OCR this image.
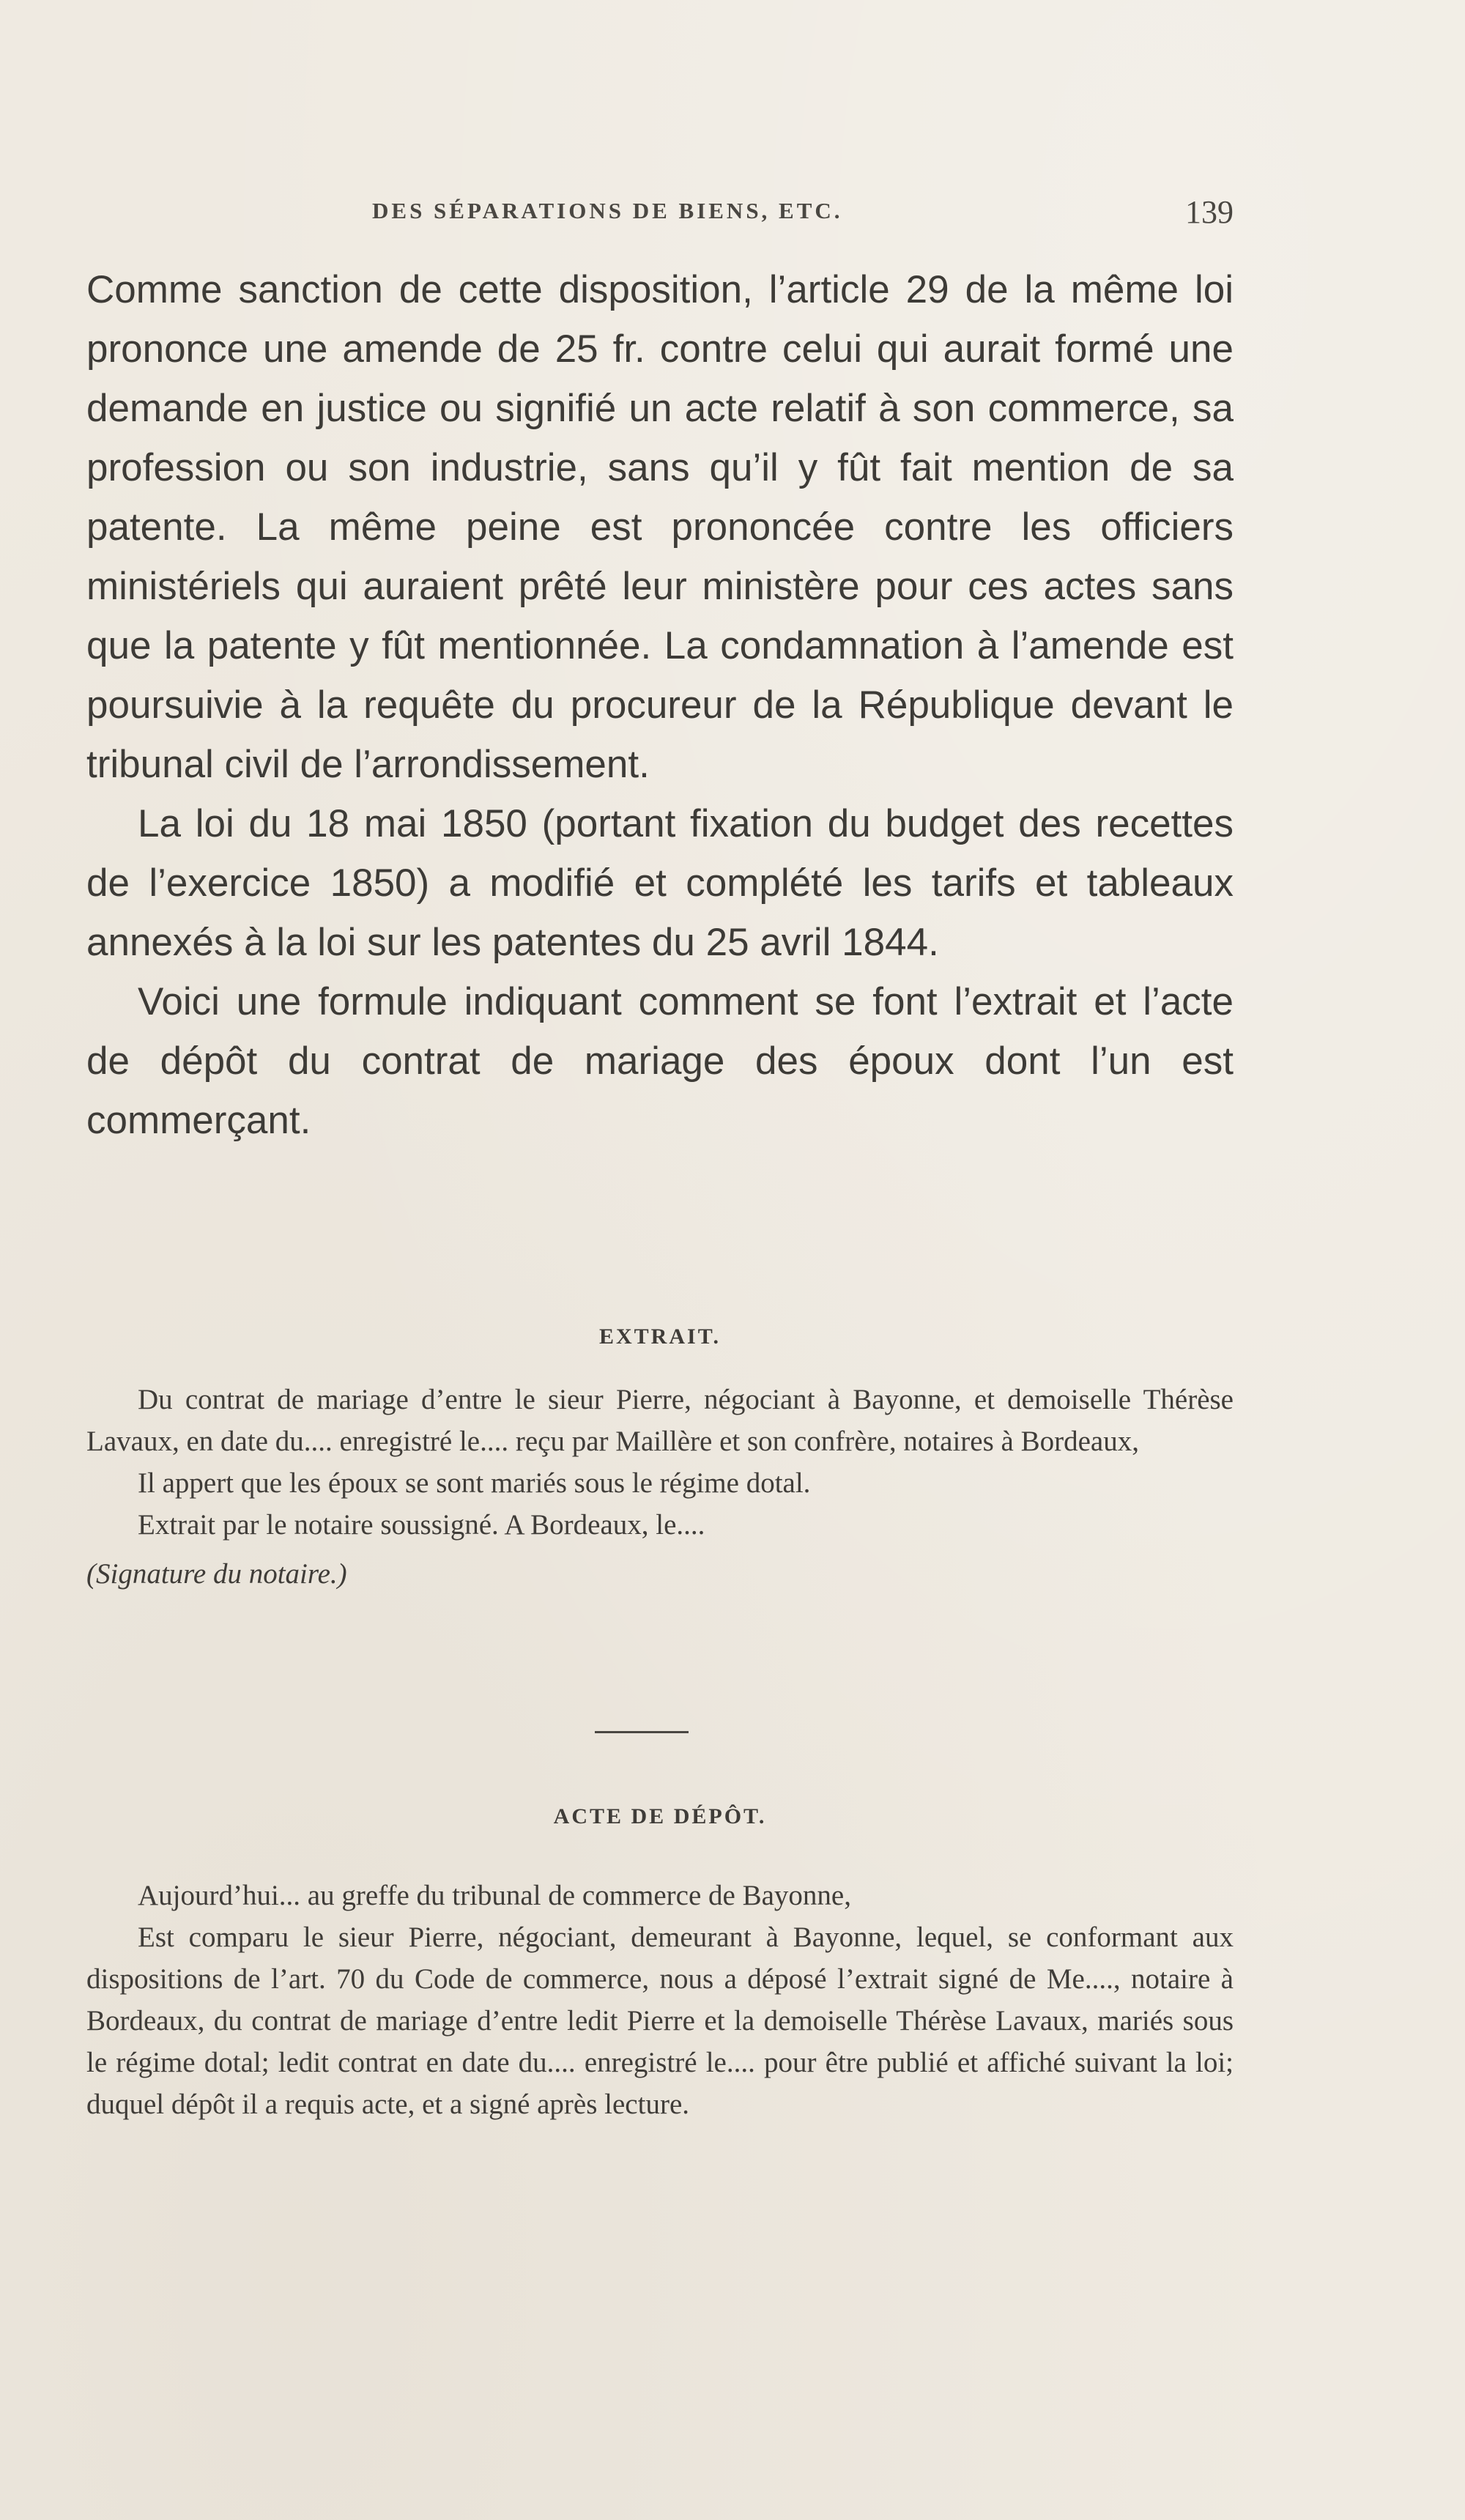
DES SÉPARATIONS DE BIENS, ETC.	139

Comme sanction de cette disposition, l’article 29 de la même loi prononce une amende de 25 fr. contre celui qui aurait formé une demande en justice ou signifié un acte relatif à son commerce, sa profession ou son industrie, sans qu’il y fût fait mention de sa patente. La même peine est prononcée contre les officiers ministériels qui auraient prêté leur ministère pour ces actes sans que la patente y fût mentionnée. La condamnation à l’amende est poursuivie à la requête du procureur de la République devant le tribunal civil de l’arrondissement.

La loi du 18 mai 1850 (portant fixation du budget des recettes de l’exercice 1850) a modifié et complété les tarifs et tableaux annexés à la loi sur les patentes du 25 avril 1844.

Voici une formule indiquant comment se font l’extrait et l’acte de dépôt du contrat de mariage des époux dont l’un est commerçant.

EXTRAIT.

Du contrat de mariage d’entre le sieur Pierre, négociant à Bayonne, et demoiselle Thérèse Lavaux, en date du.... enregistré le.... reçu par Maillère et son confrère, notaires à Bordeaux,

Il appert que les époux se sont mariés sous le régime dotal.

Extrait par le notaire soussigné. A Bordeaux, le....

(Signature du notaire.)

ACTE DE DÉPÔT.

Aujourd’hui... au greffe du tribunal de commerce de Bayonne,

Est comparu le sieur Pierre, négociant, demeurant à Bayonne, lequel, se conformant aux dispositions de l’art. 70 du Code de commerce, nous a déposé l’extrait signé de Me...., notaire à Bordeaux, du contrat de mariage d’entre ledit Pierre et la demoiselle Thérèse Lavaux, mariés sous le régime dotal; ledit contrat en date du.... enregistré le.... pour être publié et affiché suivant la loi; duquel dépôt il a requis acte, et a signé après lecture.
